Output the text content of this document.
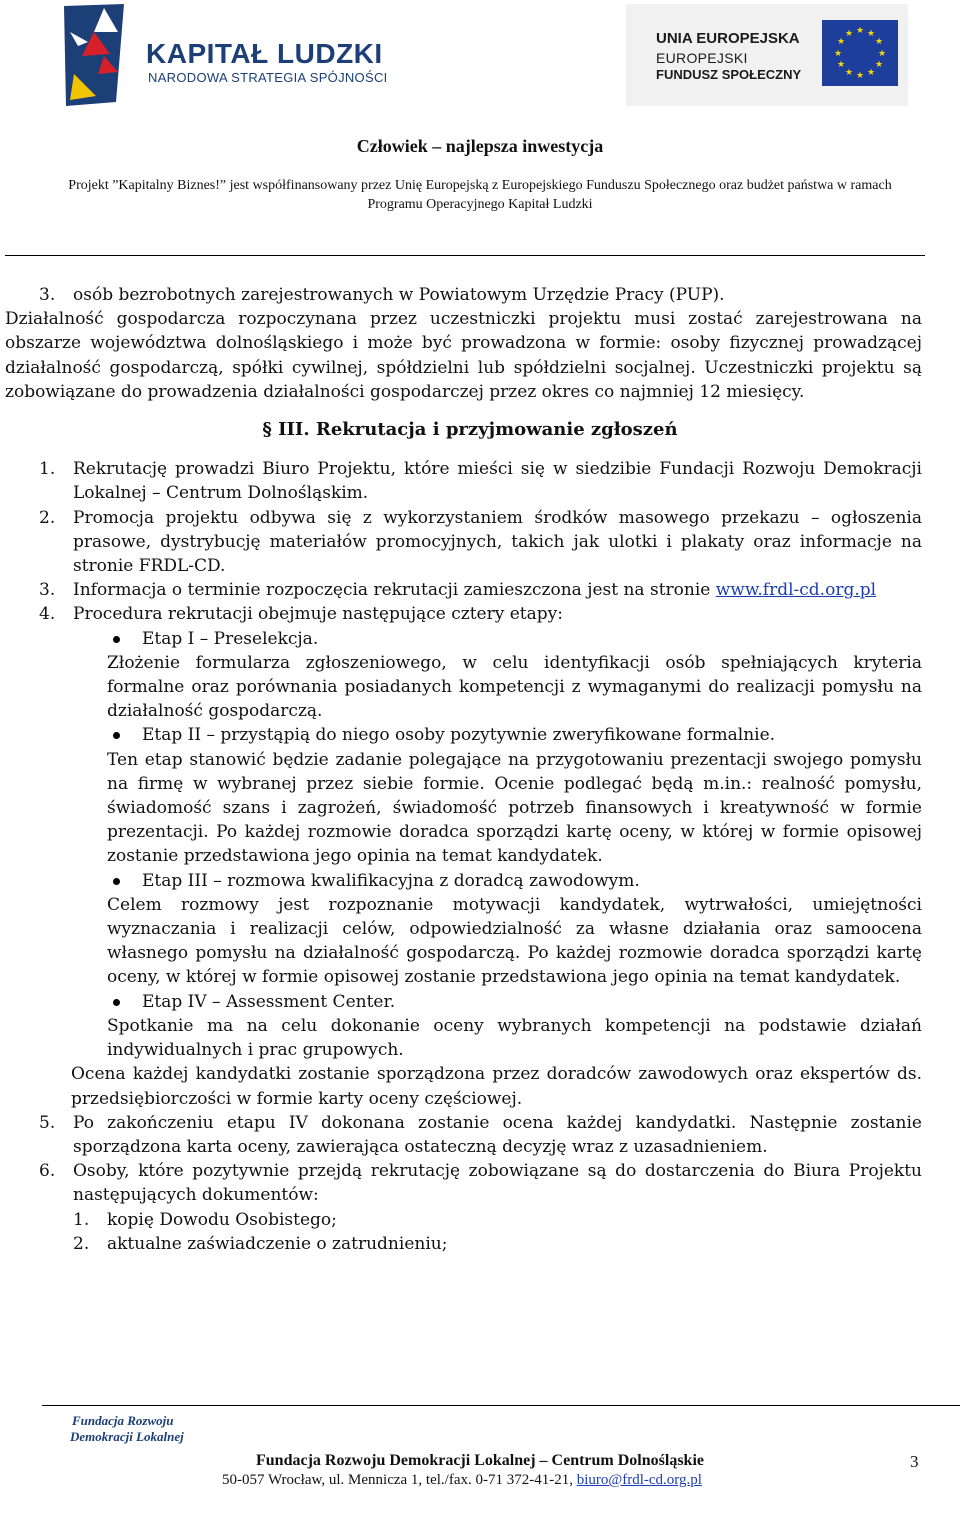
KAPITAŁ LUDZKI
NARODOWA STRATEGIA SPÓJNOŚCI
UNIA EUROPEJSKA
EUROPEJSKI
FUNDUSZ SPOŁECZNY
★ ★
★
★
★
★
★
★
★
★
★
★
Człowiek – najlepsza inwestycja
Projekt ”Kapitalny Biznes!” jest współfinansowany przez Unię Europejską z Europejskiego Funduszu Społecznego oraz budżet państwa w ramach
Programu Operacyjnego Kapitał Ludzki
3. osób bezrobotnych zarejestrowanych w Powiatowym Urzędzie Pracy (PUP).
Działalność gospodarcza rozpoczynana przez uczestniczki projektu musi zostać zarejestrowana na obszarze województwa dolnośląskiego i może być prowadzona w formie: osoby fizycznej prowadzącej działalność gospodarczą, spółki cywilnej, spółdzielni lub spółdzielni socjalnej. Uczestniczki projektu są zobowiązane do prowadzenia działalności gospodarczej przez okres co najmniej 12 miesięcy.
§ III. Rekrutacja i przyjmowanie zgłoszeń
1. Rekrutację prowadzi Biuro Projektu, które mieści się w siedzibie Fundacji Rozwoju Demokracji Lokalnej – Centrum Dolnośląskim.
2. Promocja projektu odbywa się z wykorzystaniem środków masowego przekazu – ogłoszenia prasowe, dystrybucję materiałów promocyjnych, takich jak ulotki i plakaty oraz informacje na stronie FRDL-CD.
3. Informacja o terminie rozpoczęcia rekrutacji zamieszczona jest na stronie www.frdl-cd.org.pl
4. Procedura rekrutacji obejmuje następujące cztery etapy:
Etap I – Preselekcja.
Złożenie formularza zgłoszeniowego, w celu identyfikacji osób spełniających kryteria formalne oraz porównania posiadanych kompetencji z wymaganymi do realizacji pomysłu na działalność gospodarczą.
Etap II – przystąpią do niego osoby pozytywnie zweryfikowane formalnie.
Ten etap stanowić będzie zadanie polegające na przygotowaniu prezentacji swojego pomysłu na firmę w wybranej przez siebie formie. Ocenie podlegać będą m.in.: realność pomysłu, świadomość szans i zagrożeń, świadomość potrzeb finansowych i kreatywność w formie prezentacji. Po każdej rozmowie doradca sporządzi kartę oceny, w której w formie opisowej zostanie przedstawiona jego opinia na temat kandydatek.
Etap III – rozmowa kwalifikacyjna z doradcą zawodowym.
Celem rozmowy jest rozpoznanie motywacji kandydatek, wytrwałości, umiejętności wyznaczania i realizacji celów, odpowiedzialność za własne działania oraz samoocena własnego pomysłu na działalność gospodarczą. Po każdej rozmowie doradca sporządzi kartę oceny, w której w formie opisowej zostanie przedstawiona jego opinia na temat kandydatek.
Etap IV – Assessment Center.
Spotkanie ma na celu dokonanie oceny wybranych kompetencji na podstawie działań indywidualnych i prac grupowych.
Ocena każdej kandydatki zostanie sporządzona przez doradców zawodowych oraz ekspertów ds. przedsiębiorczości w formie karty oceny częściowej.
5. Po zakończeniu etapu IV dokonana zostanie ocena każdej kandydatki. Następnie zostanie sporządzona karta oceny, zawierająca ostateczną decyzję wraz z uzasadnieniem.
6. Osoby, które pozytywnie przejdą rekrutację zobowiązane są do dostarczenia do Biura Projektu następujących dokumentów:
1. kopię Dowodu Osobistego;
2. aktualne zaświadczenie o zatrudnieniu;
Fundacja Rozwoju
Demokracji Lokalnej
Fundacja Rozwoju Demokracji Lokalnej – Centrum Dolnośląskie
50-057 Wrocław, ul. Mennicza 1, tel./fax. 0-71 372-41-21, biuro@frdl-cd.org.pl
3
